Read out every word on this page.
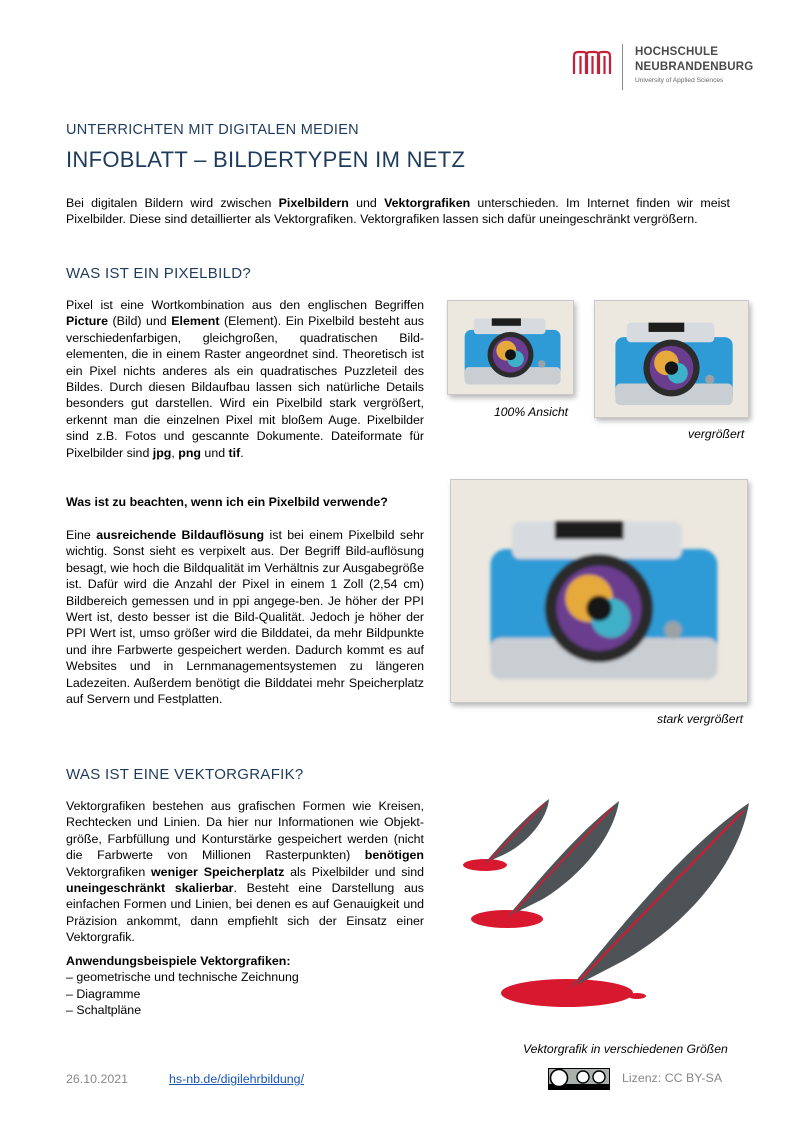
HOCHSCHULE
NEUBRANDENBURG
University of Applied Sciences
UNTERRICHTEN MIT DIGITALEN MEDIEN
INFOBLATT – BILDERTYPEN IM NETZ
Bei digitalen Bildern wird zwischen Pixelbildern und Vektorgrafiken unterschieden. Im Internet finden wir meist Pixelbilder. Diese sind detaillierter als Vektorgrafiken. Vektorgrafiken lassen sich dafür uneingeschränkt vergrößern.
WAS IST EIN PIXELBILD?
Pixel ist eine Wortkombination aus den englischen Begriffen Picture (Bild) und Element (Element). Ein Pixelbild besteht aus verschiedenfarbigen, gleichgroßen, quadratischen Bild-elementen, die in einem Raster angeordnet sind. Theoretisch ist ein Pixel nichts anderes als ein quadratisches Puzzleteil des Bildes. Durch diesen Bildaufbau lassen sich natürliche Details besonders gut darstellen. Wird ein Pixelbild stark vergrößert, erkennt man die einzelnen Pixel mit bloßem Auge. Pixelbilder sind z.B. Fotos und gescannte Dokumente. Dateiformate für Pixelbilder sind jpg, png und tif.
100% Ansicht
vergrößert
Was ist zu beachten, wenn ich ein Pixelbild verwende?
Eine ausreichende Bildauflösung ist bei einem Pixelbild sehr wichtig. Sonst sieht es verpixelt aus. Der Begriff Bild-auflösung besagt, wie hoch die Bildqualität im Verhältnis zur Ausgabegröße ist. Dafür wird die Anzahl der Pixel in einem 1 Zoll (2,54 cm) Bildbereich gemessen und in ppi angege-ben. Je höher der PPI Wert ist, desto besser ist die Bild-Qualität. Jedoch je höher der PPI Wert ist, umso größer wird die Bilddatei, da mehr Bildpunkte und ihre Farbwerte gespeichert werden. Dadurch kommt es auf Websites und in Lernmanagementsystemen zu längeren Ladezeiten. Außerdem benötigt die Bilddatei mehr Speicherplatz auf Servern und Festplatten.
stark vergrößert
WAS IST EINE VEKTORGRAFIK?
Vektorgrafiken bestehen aus grafischen Formen wie Kreisen, Rechtecken und Linien. Da hier nur Informationen wie Objekt-größe, Farbfüllung und Konturstärke gespeichert werden (nicht die Farbwerte von Millionen Rasterpunkten) benötigen Vektorgrafiken weniger Speicherplatz als Pixelbilder und sind uneingeschränkt skalierbar. Besteht eine Darstellung aus einfachen Formen und Linien, bei denen es auf Genauigkeit und Präzision ankommt, dann empfiehlt sich der Einsatz einer Vektorgrafik.
Anwendungsbeispiele Vektorgrafiken:
– geometrische und technische Zeichnung
– Diagramme
– Schaltpläne
Vektorgrafik in verschiedenen Größen
26.10.2021	hs-nb.de/digilehrbildung/	Lizenz: CC BY-SA
